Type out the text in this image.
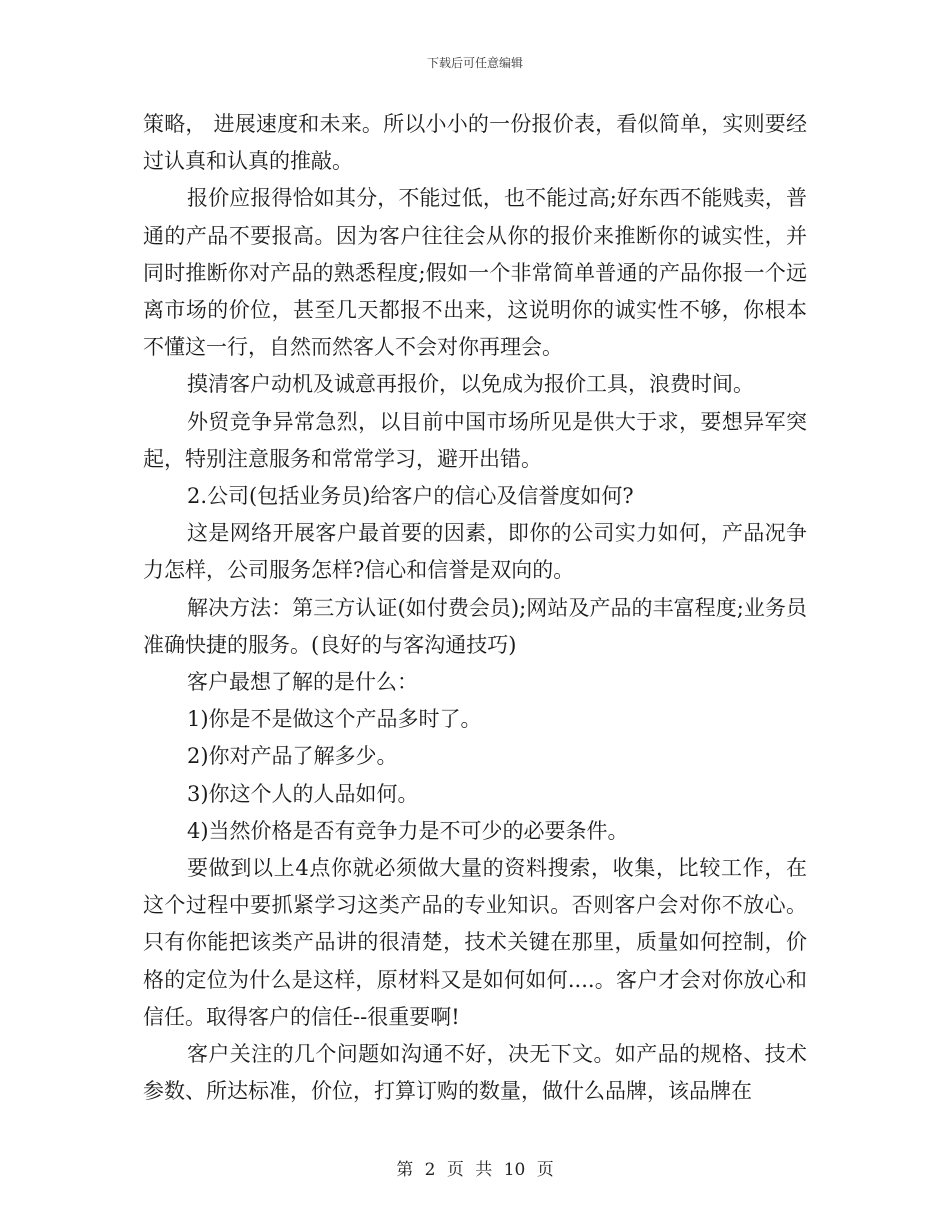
下载后可任意编辑

策略， 进展速度和未来。所以小小的一份报价表，看似简单，实则要经过认真和认真的推敲。

报价应报得恰如其分，不能过低，也不能过高;好东西不能贱卖，普通的产品不要报高。因为客户往往会从你的报价来推断你的诚实性，并同时推断你对产品的熟悉程度;假如一个非常简单普通的产品你报一个远离市场的价位，甚至几天都报不出来，这说明你的诚实性不够，你根本不懂这一行，自然而然客人不会对你再理会。

摸清客户动机及诚意再报价，以免成为报价工具，浪费时间。

外贸竞争异常急烈，以目前中国市场所见是供大于求，要想异军突起，特别注意服务和常常学习，避开出错。

2.公司(包括业务员)给客户的信心及信誉度如何?

这是网络开展客户最首要的因素，即你的公司实力如何，产品况争力怎样，公司服务怎样?信心和信誉是双向的。

解决方法：第三方认证(如付费会员);网站及产品的丰富程度;业务员准确快捷的服务。(良好的与客沟通技巧)

客户最想了解的是什么：

1)你是不是做这个产品多时了。

2)你对产品了解多少。

3)你这个人的人品如何。

4)当然价格是否有竞争力是不可少的必要条件。

要做到以上4点你就必须做大量的资料搜索，收集，比较工作，在这个过程中要抓紧学习这类产品的专业知识。否则客户会对你不放心。只有你能把该类产品讲的很清楚，技术关键在那里，质量如何控制，价格的定位为什么是这样，原材料又是如何如何....。客户才会对你放心和信任。取得客户的信任--很重要啊!

客户关注的几个问题如沟通不好，决无下文。如产品的规格、技术参数、所达标准，价位，打算订购的数量，做什么品牌，该品牌在

第 2 页 共 10 页
